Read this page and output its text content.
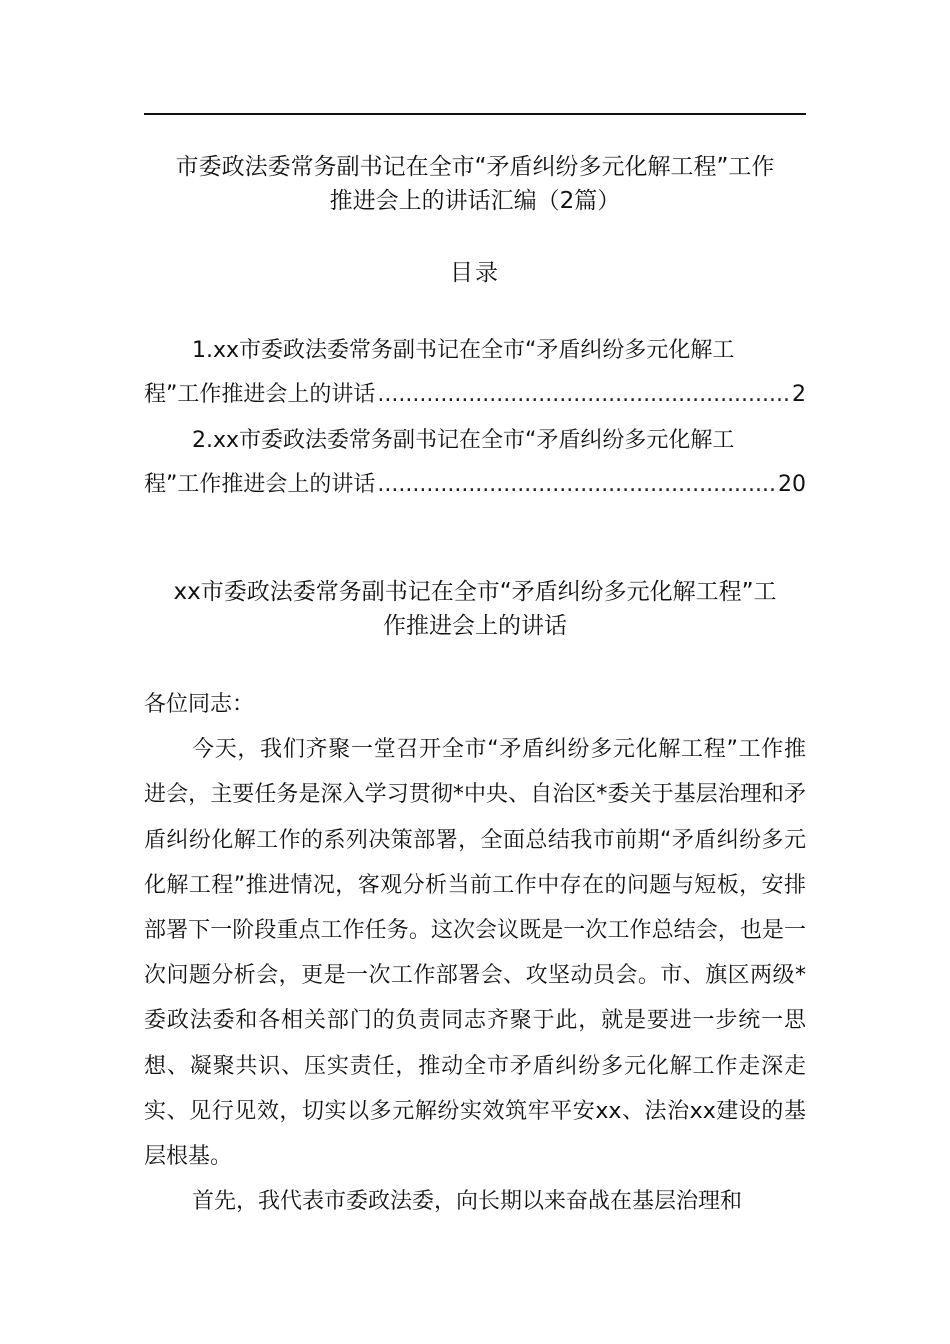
市委政法委常务副书记在全市“矛盾纠纷多元化解工程”工作
推进会上的讲话汇编（2篇）
目录
1.xx市委政法委常务副书记在全市“矛盾纠纷多元化解工
程”工作推进会上的讲话 .....	2
2.xx市委政法委常务副书记在全市“矛盾纠纷多元化解工
程”工作推进会上的讲话 .....	20
xx市委政法委常务副书记在全市“矛盾纠纷多元化解工程”工
作推进会上的讲话

各位同志：

今天，我们齐聚一堂召开全市“矛盾纠纷多元化解工程”工作推进会，主要任务是深入学习贯彻*中央、自治区*委关于基层治理和矛盾纠纷化解工作的系列决策部署，全面总结我市前期“矛盾纠纷多元化解工程”推进情况，客观分析当前工作中存在的问题与短板，安排部署下一阶段重点工作任务。这次会议既是一次工作总结会，也是一次问题分析会，更是一次工作部署会、攻坚动员会。市、旗区两级*委政法委和各相关部门的负责同志齐聚于此，就是要进一步统一思想、凝聚共识、压实责任，推动全市矛盾纠纷多元化解工作走深走实、见行见效，切实以多元解纷实效筑牢平安xx、法治xx建设的基层根基。

首先，我代表市委政法委，向长期以来奋战在基层治理和
